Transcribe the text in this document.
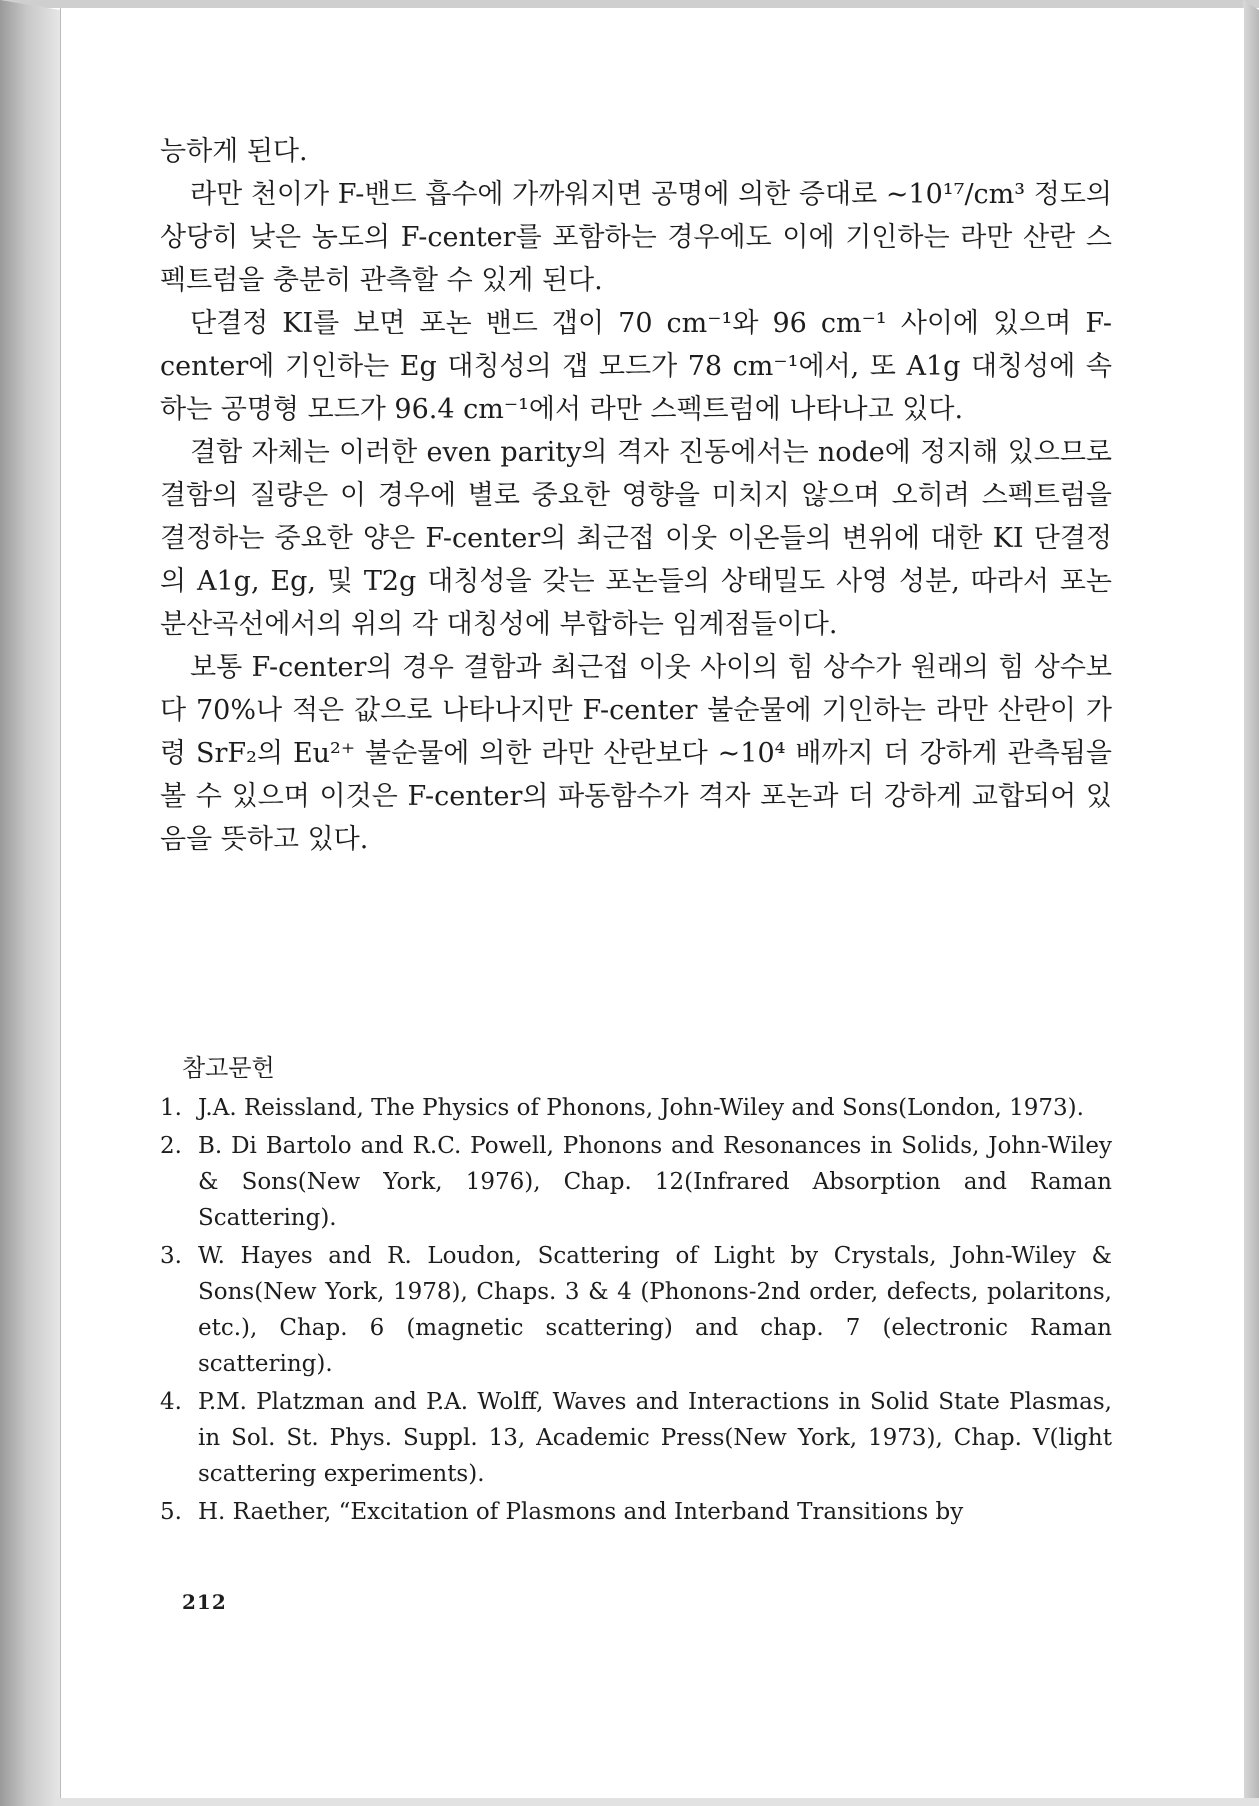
능하게 된다.

라만 천이가 F-밴드 흡수에 가까워지면 공명에 의한 증대로 ~10¹⁷/cm³ 정도의 상당히 낮은 농도의 F-center를 포함하는 경우에도 이에 기인하는 라만 산란 스펙트럼을 충분히 관측할 수 있게 된다.

단결정 KI를 보면 포논 밴드 갭이 70 cm⁻¹와 96 cm⁻¹ 사이에 있으며 F-center에 기인하는 Eg 대칭성의 갭 모드가 78 cm⁻¹에서, 또 A1g 대칭성에 속하는 공명형 모드가 96.4 cm⁻¹에서 라만 스펙트럼에 나타나고 있다.

결함 자체는 이러한 even parity의 격자 진동에서는 node에 정지해 있으므로 결함의 질량은 이 경우에 별로 중요한 영향을 미치지 않으며 오히려 스펙트럼을 결정하는 중요한 양은 F-center의 최근접 이웃 이온들의 변위에 대한 KI 단결정의 A1g, Eg, 및 T2g 대칭성을 갖는 포논들의 상태밀도 사영 성분, 따라서 포논 분산곡선에서의 위의 각 대칭성에 부합하는 임계점들이다.

보통 F-center의 경우 결함과 최근접 이웃 사이의 힘 상수가 원래의 힘 상수보다 70%나 적은 값으로 나타나지만 F-center 불순물에 기인하는 라만 산란이 가령 SrF₂의 Eu²⁺ 불순물에 의한 라만 산란보다 ~10⁴ 배까지 더 강하게 관측됨을 볼 수 있으며 이것은 F-center의 파동함수가 격자 포논과 더 강하게 교합되어 있음을 뜻하고 있다.

참고문헌
1. J.A. Reissland, The Physics of Phonons, John-Wiley and Sons(London, 1973).
2. B. Di Bartolo and R.C. Powell, Phonons and Resonances in Solids, John-Wiley & Sons(New York, 1976), Chap. 12(Infrared Absorption and Raman Scattering).
3. W. Hayes and R. Loudon, Scattering of Light by Crystals, John-Wiley & Sons(New York, 1978), Chaps. 3 & 4 (Phonons-2nd order, defects, polaritons, etc.), Chap. 6 (magnetic scattering) and chap. 7 (electronic Raman scattering).
4. P.M. Platzman and P.A. Wolff, Waves and Interactions in Solid State Plasmas, in Sol. St. Phys. Suppl. 13, Academic Press(New York, 1973), Chap. V(light scattering experiments).
5. H. Raether, “Excitation of Plasmons and Interband Transitions by
212
